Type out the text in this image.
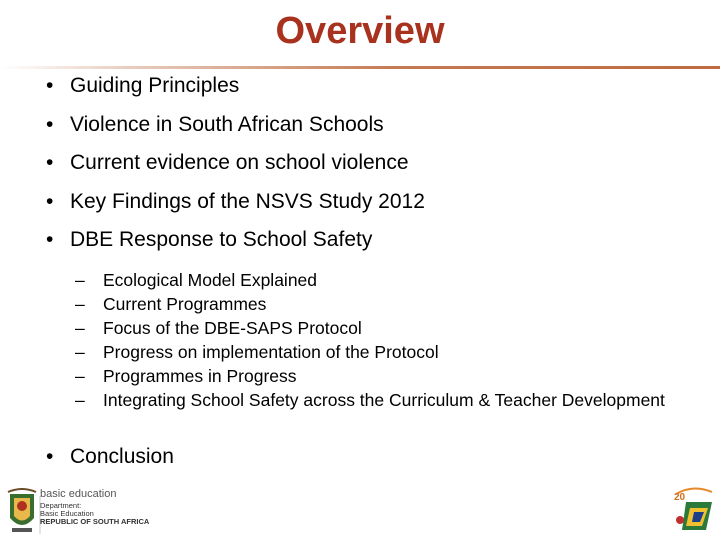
Overview
• Guiding Principles
• Violence in South African Schools
• Current evidence on school violence
• Key Findings of the NSVS Study 2012
• DBE Response to School Safety
– Ecological Model Explained
– Current Programmes
– Focus of the DBE-SAPS Protocol
– Progress on implementation of the Protocol
– Programmes in Progress
– Integrating School Safety across the Curriculum & Teacher Development
• Conclusion
basic education
Department:
Basic Education
REPUBLIC OF SOUTH AFRICA
20
